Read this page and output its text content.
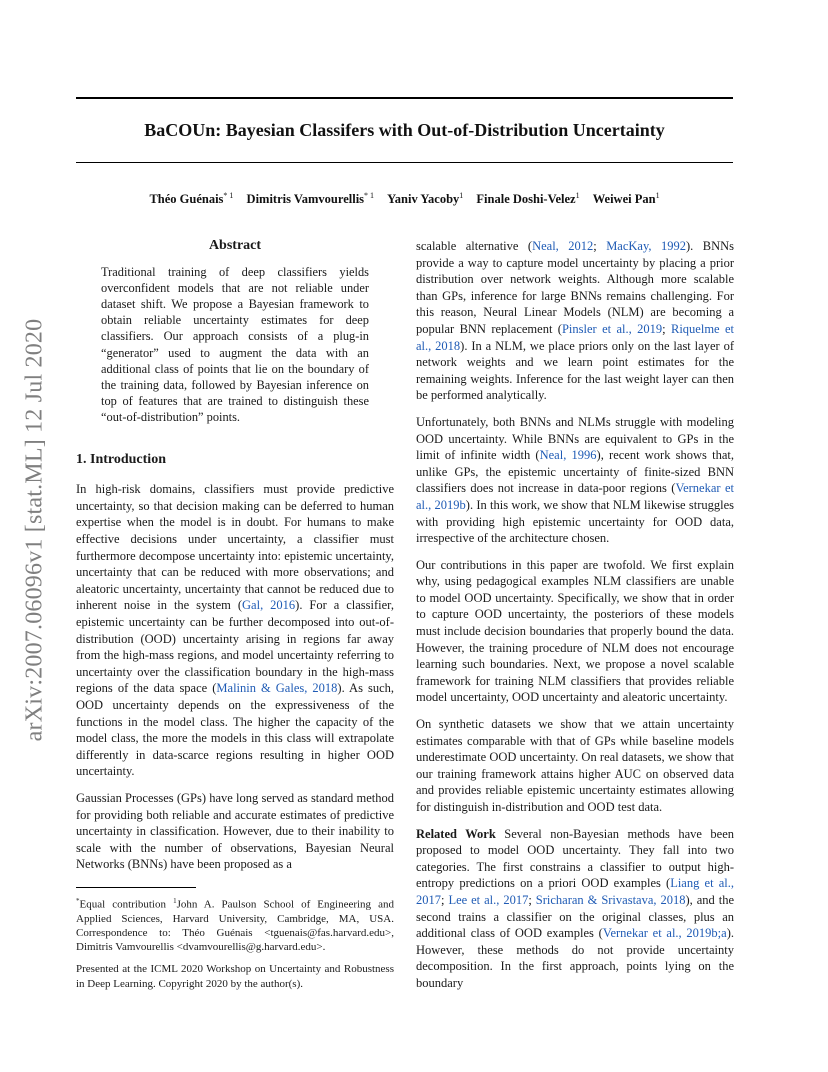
BaCOUn: Bayesian Classifers with Out-of-Distribution Uncertainty
Théo Guénais$^{* 1}$ Dimitris Vamvourellis$^{* 1}$ Yaniv Yacoby$^1$ Finale Doshi-Velez$^1$ Weiwei Pan$^1$
arXiv:2007.06096v1 [stat.ML] 12 Jul 2020
Abstract

Traditional training of deep classifiers yields overconfident models that are not reliable under dataset shift. We propose a Bayesian framework to obtain reliable uncertainty estimates for deep classifiers. Our approach consists of a plug-in “generator” used to augment the data with an additional class of points that lie on the boundary of the training data, followed by Bayesian inference on top of features that are trained to distinguish these “out-of-distribution” points.

1. Introduction

In high-risk domains, classifiers must provide predictive uncertainty, so that decision making can be deferred to human expertise when the model is in doubt. For humans to make effective decisions under uncertainty, a classifier must furthermore decompose uncertainty into: epistemic uncertainty, uncertainty that can be reduced with more observations; and aleatoric uncertainty, uncertainty that cannot be reduced due to inherent noise in the system (Gal, 2016). For a classifier, epistemic uncertainty can be further decomposed into out-of-distribution (OOD) uncertainty arising in regions far away from the high-mass regions, and model uncertainty referring to uncertainty over the classification boundary in the high-mass regions of the data space (Malinin & Gales, 2018). As such, OOD uncertainty depends on the expressiveness of the functions in the model class. The higher the capacity of the model class, the more the models in this class will extrapolate differently in data-scarce regions resulting in higher OOD uncertainty.

Gaussian Processes (GPs) have long served as standard method for providing both reliable and accurate estimates of predictive uncertainty in classification. However, due to their inability to scale with the number of observations, Bayesian Neural Networks (BNNs) have been proposed as a

*Equal contribution $^1$John A. Paulson School of Engineering and Applied Sciences, Harvard University, Cambridge, MA, USA. Correspondence to: Théo Guénais <tguenais@fas.harvard.edu>, Dimitris Vamvourellis <dvamvourellis@g.harvard.edu>.

Presented at the ICML 2020 Workshop on Uncertainty and Robustness in Deep Learning. Copyright 2020 by the author(s).

scalable alternative (Neal, 2012; MacKay, 1992). BNNs provide a way to capture model uncertainty by placing a prior distribution over network weights. Although more scalable than GPs, inference for large BNNs remains challenging. For this reason, Neural Linear Models (NLM) are becoming a popular BNN replacement (Pinsler et al., 2019; Riquelme et al., 2018). In a NLM, we place priors only on the last layer of network weights and we learn point estimates for the remaining weights. Inference for the last weight layer can then be performed analytically.

Unfortunately, both BNNs and NLMs struggle with modeling OOD uncertainty. While BNNs are equivalent to GPs in the limit of infinite width (Neal, 1996), recent work shows that, unlike GPs, the epistemic uncertainty of finite-sized BNN classifiers does not increase in data-poor regions (Vernekar et al., 2019b). In this work, we show that NLM likewise struggles with providing high epistemic uncertainty for OOD data, irrespective of the architecture chosen.

Our contributions in this paper are twofold. We first explain why, using pedagogical examples NLM classifiers are unable to model OOD uncertainty. Specifically, we show that in order to capture OOD uncertainty, the posteriors of these models must include decision boundaries that properly bound the data. However, the training procedure of NLM does not encourage learning such boundaries. Next, we propose a novel scalable framework for training NLM classifiers that provides reliable model uncertainty, OOD uncertainty and aleatoric uncertainty.

On synthetic datasets we show that we attain uncertainty estimates comparable with that of GPs while baseline models underestimate OOD uncertainty. On real datasets, we show that our training framework attains higher AUC on observed data and provides reliable epistemic uncertainty estimates allowing for distinguish in-distribution and OOD test data.

Related Work Several non-Bayesian methods have been proposed to model OOD uncertainty. They fall into two categories. The first constrains a classifier to output high-entropy predictions on a priori OOD examples (Liang et al., 2017; Lee et al., 2017; Sricharan & Srivastava, 2018), and the second trains a classifier on the original classes, plus an additional class of OOD examples (Vernekar et al., 2019b;a). However, these methods do not provide uncertainty decomposition. In the first approach, points lying on the boundary
